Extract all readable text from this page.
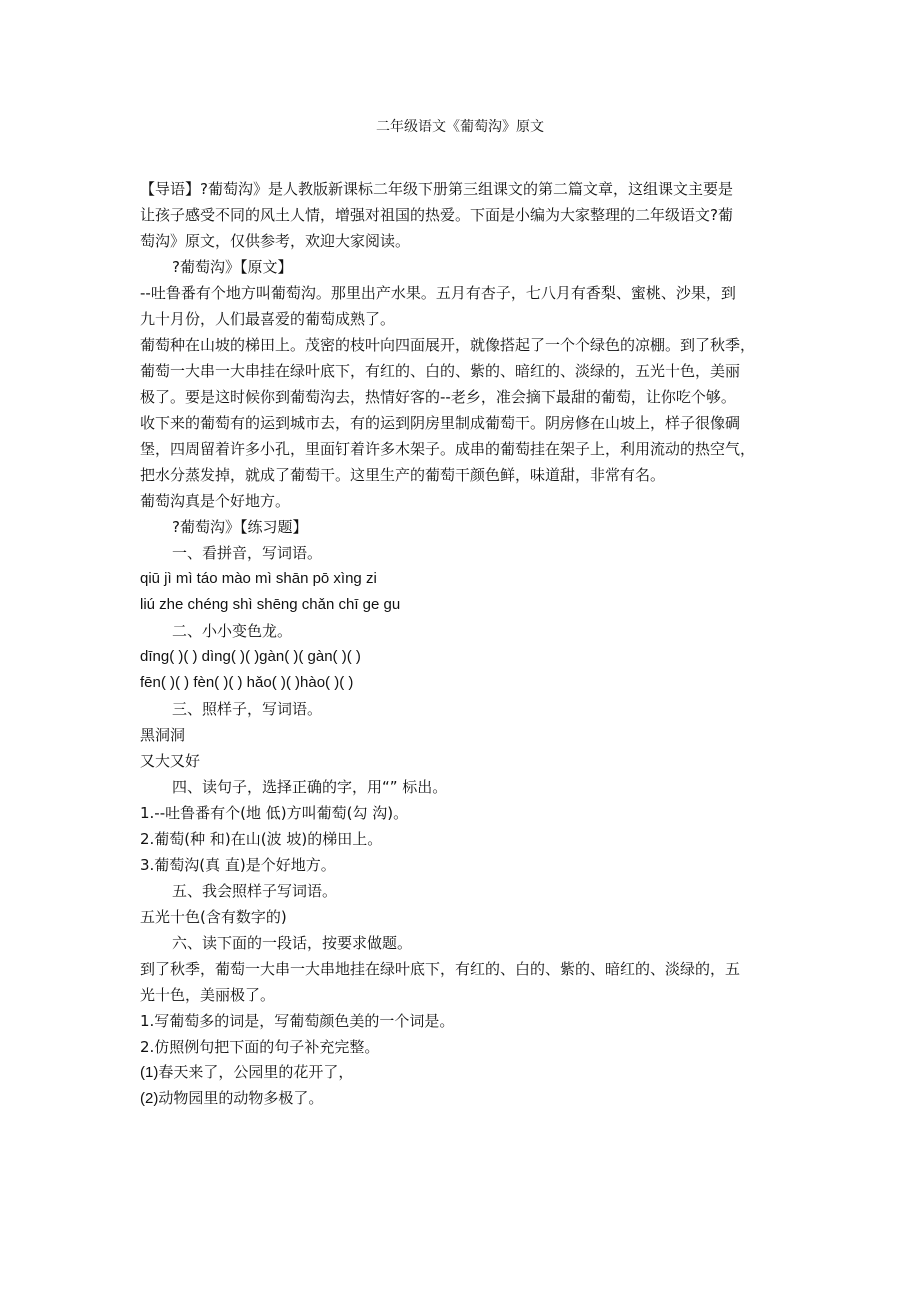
二年级语文《葡萄沟》原文
【导语】?葡萄沟》是人教版新课标二年级下册第三组课文的第二篇文章，这组课文主要是
让孩子感受不同的风土人情，增强对祖国的热爱。下面是小编为大家整理的二年级语文?葡
萄沟》原文，仅供参考，欢迎大家阅读。
?葡萄沟》【原文】
--吐鲁番有个地方叫葡萄沟。那里出产水果。五月有杏子，七八月有香梨、蜜桃、沙果，到
九十月份，人们最喜爱的葡萄成熟了。
葡萄种在山坡的梯田上。茂密的枝叶向四面展开，就像搭起了一个个绿色的凉棚。到了秋季，
葡萄一大串一大串挂在绿叶底下，有红的、白的、紫的、暗红的、淡绿的，五光十色，美丽
极了。要是这时候你到葡萄沟去，热情好客的--老乡，准会摘下最甜的葡萄，让你吃个够。
收下来的葡萄有的运到城市去，有的运到阴房里制成葡萄干。阴房修在山坡上，样子很像碉
堡，四周留着许多小孔，里面钉着许多木架子。成串的葡萄挂在架子上，利用流动的热空气，
把水分蒸发掉，就成了葡萄干。这里生产的葡萄干颜色鲜，味道甜，非常有名。
葡萄沟真是个好地方。
?葡萄沟》【练习题】
一、看拼音，写词语。
qiū jì mì táo mào mì shān pō xìng zi
liú zhe chéng shì shēng chǎn chī ge gu
二、小小变色龙。
dīng( )( ) dìng( )( )gàn( )( gàn( )( )
fēn( )( ) fèn( )( ) hǎo( )( )hào( )( )
三、照样子，写词语。
黑洞洞
又大又好
四、读句子，选择正确的字，用“” 标出。
1.--吐鲁番有个(地 低)方叫葡萄(勾 沟)。
2.葡萄(种 和)在山(波 坡)的梯田上。
3.葡萄沟(真 直)是个好地方。
五、我会照样子写词语。
五光十色(含有数字的)
六、读下面的一段话，按要求做题。
到了秋季，葡萄一大串一大串地挂在绿叶底下，有红的、白的、紫的、暗红的、淡绿的，五
光十色，美丽极了。
1.写葡萄多的词是，写葡萄颜色美的一个词是。
2.仿照例句把下面的句子补充完整。
(1)春天来了，公园里的花开了，
(2)动物园里的动物多极了。
